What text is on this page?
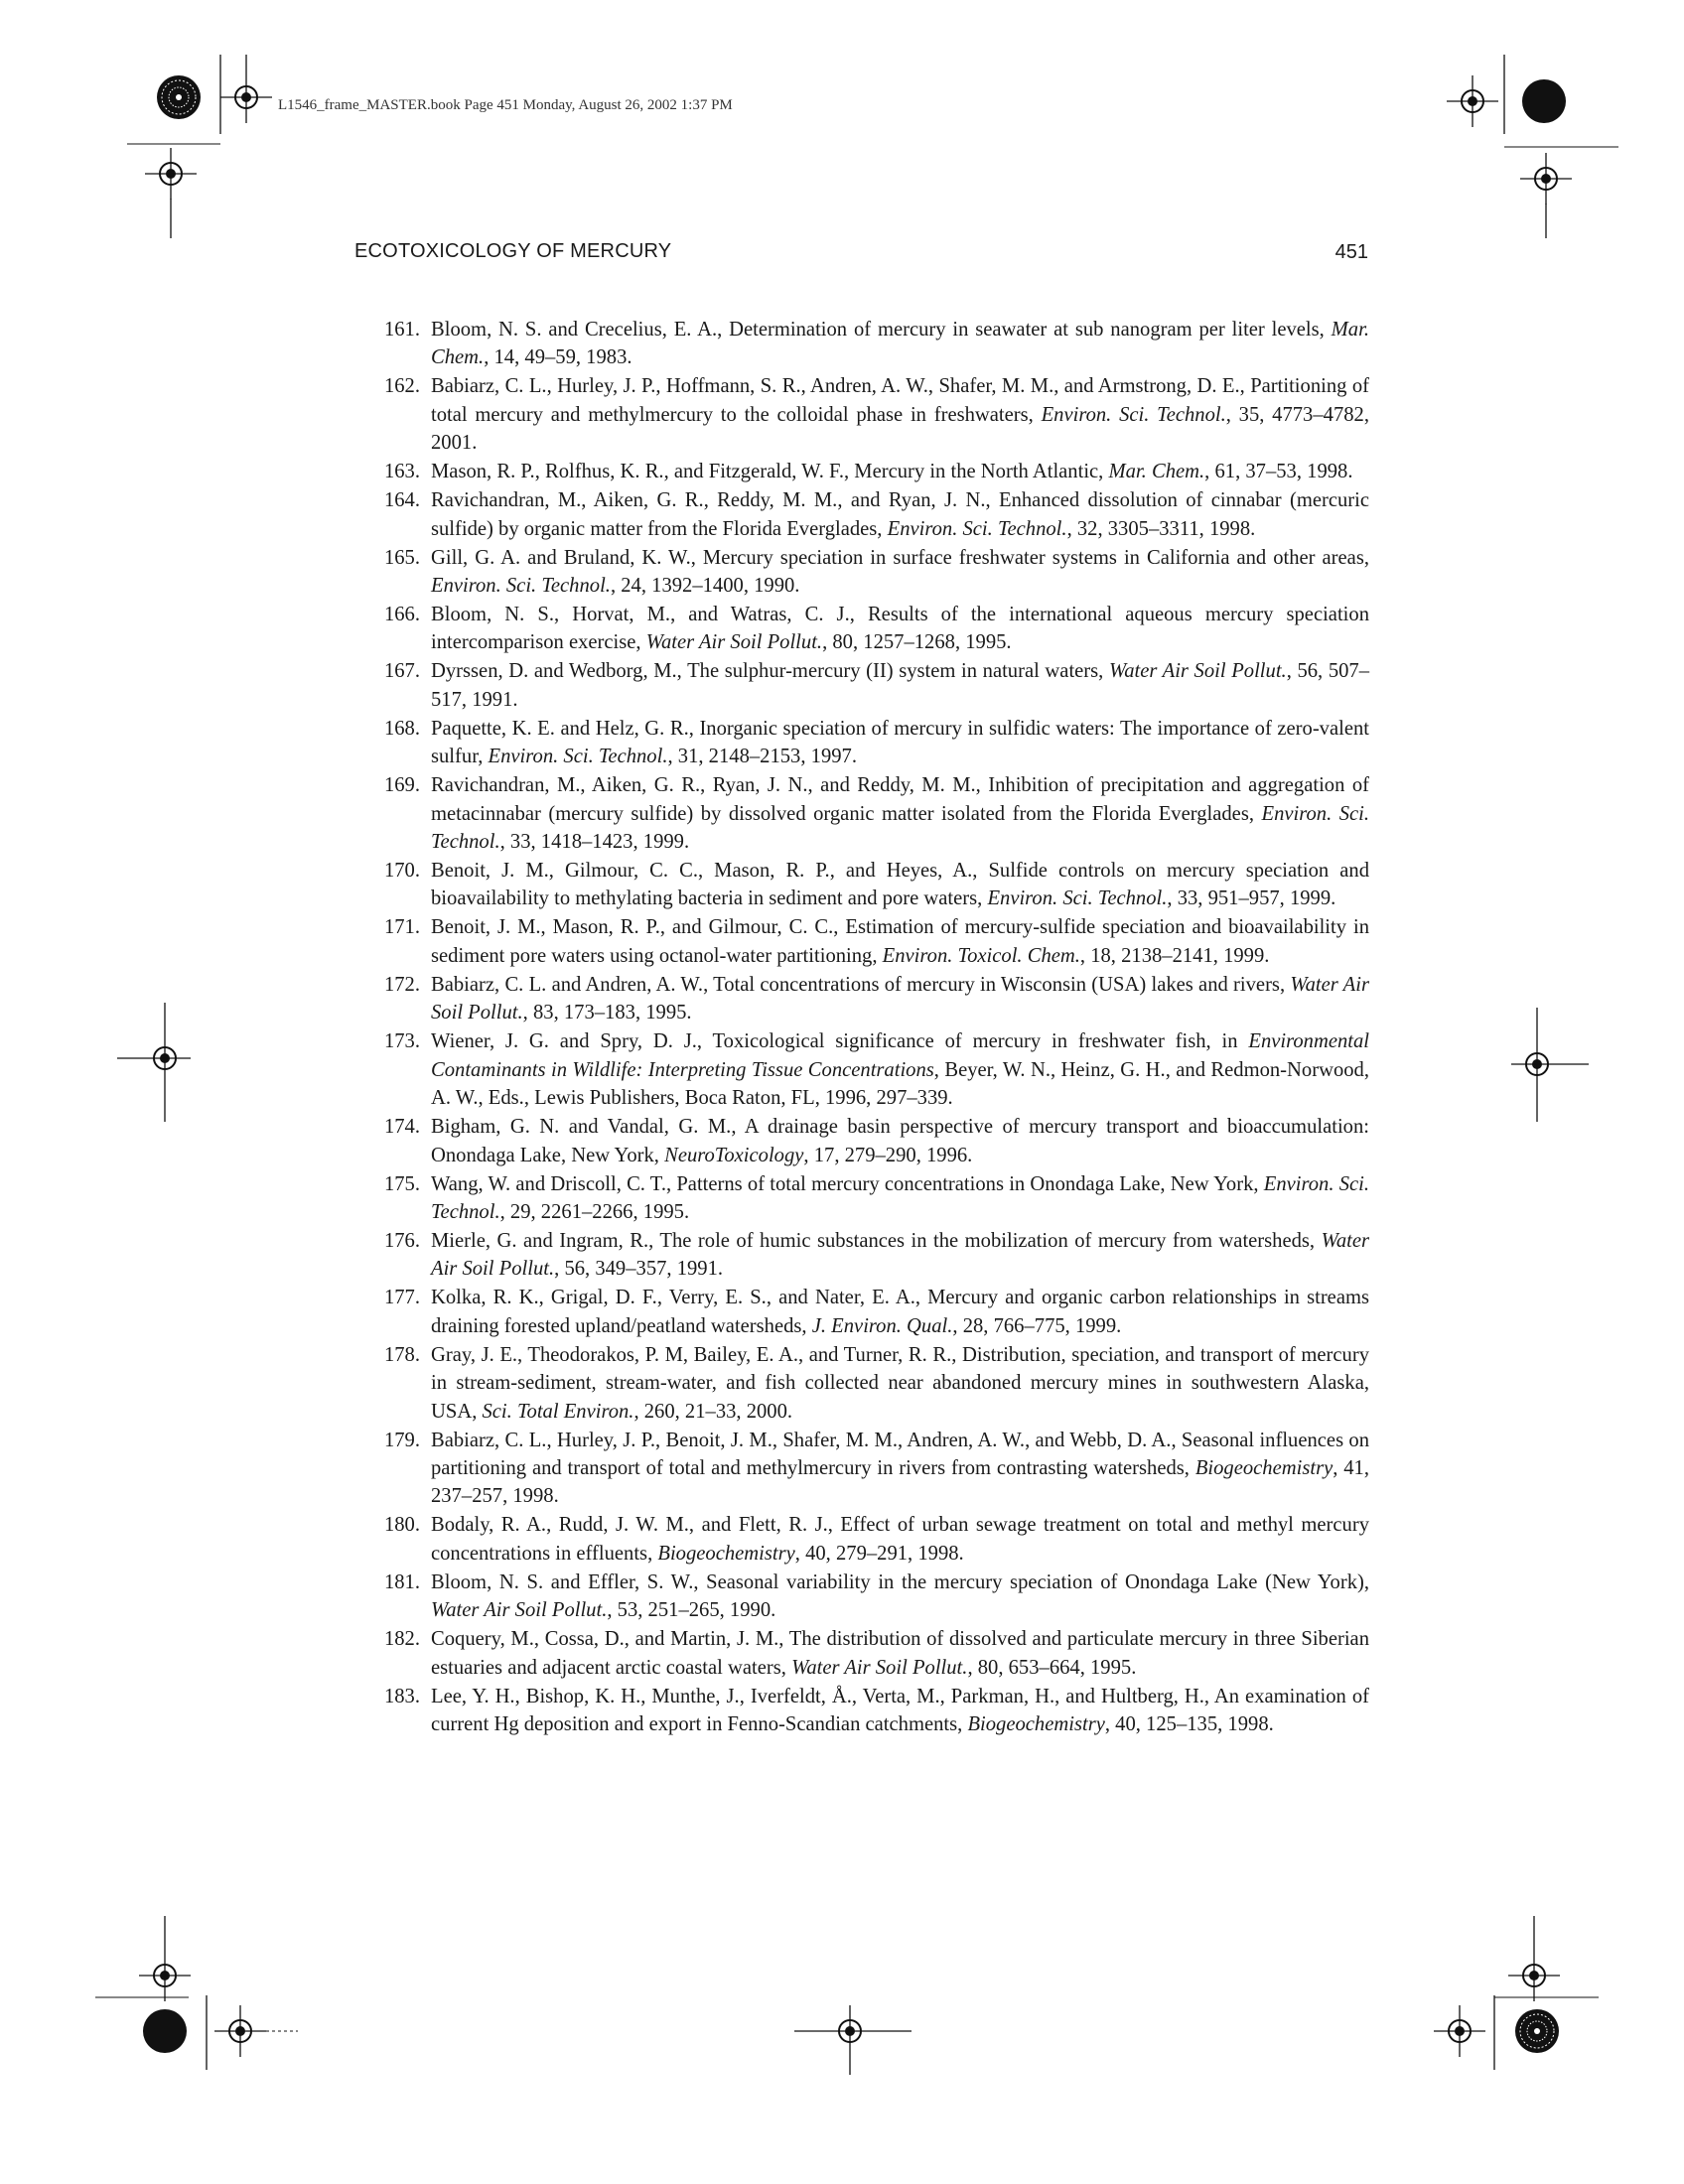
L1546_frame_MASTER.book Page 451 Monday, August 26, 2002 1:37 PM
ECOTOXICOLOGY OF MERCURY	451
161. Bloom, N. S. and Crecelius, E. A., Determination of mercury in seawater at sub nanogram per liter levels, Mar. Chem., 14, 49–59, 1983.
162. Babiarz, C. L., Hurley, J. P., Hoffmann, S. R., Andren, A. W., Shafer, M. M., and Armstrong, D. E., Partitioning of total mercury and methylmercury to the colloidal phase in freshwaters, Environ. Sci. Technol., 35, 4773–4782, 2001.
163. Mason, R. P., Rolfhus, K. R., and Fitzgerald, W. F., Mercury in the North Atlantic, Mar. Chem., 61, 37–53, 1998.
164. Ravichandran, M., Aiken, G. R., Reddy, M. M., and Ryan, J. N., Enhanced dissolution of cinnabar (mercuric sulfide) by organic matter from the Florida Everglades, Environ. Sci. Technol., 32, 3305–3311, 1998.
165. Gill, G. A. and Bruland, K. W., Mercury speciation in surface freshwater systems in California and other areas, Environ. Sci. Technol., 24, 1392–1400, 1990.
166. Bloom, N. S., Horvat, M., and Watras, C. J., Results of the international aqueous mercury speciation intercomparison exercise, Water Air Soil Pollut., 80, 1257–1268, 1995.
167. Dyrssen, D. and Wedborg, M., The sulphur-mercury (II) system in natural waters, Water Air Soil Pollut., 56, 507–517, 1991.
168. Paquette, K. E. and Helz, G. R., Inorganic speciation of mercury in sulfidic waters: The importance of zero-valent sulfur, Environ. Sci. Technol., 31, 2148–2153, 1997.
169. Ravichandran, M., Aiken, G. R., Ryan, J. N., and Reddy, M. M., Inhibition of precipitation and aggregation of metacinnabar (mercury sulfide) by dissolved organic matter isolated from the Florida Everglades, Environ. Sci. Technol., 33, 1418–1423, 1999.
170. Benoit, J. M., Gilmour, C. C., Mason, R. P., and Heyes, A., Sulfide controls on mercury speciation and bioavailability to methylating bacteria in sediment and pore waters, Environ. Sci. Technol., 33, 951–957, 1999.
171. Benoit, J. M., Mason, R. P., and Gilmour, C. C., Estimation of mercury-sulfide speciation and bioavailability in sediment pore waters using octanol-water partitioning, Environ. Toxicol. Chem., 18, 2138–2141, 1999.
172. Babiarz, C. L. and Andren, A. W., Total concentrations of mercury in Wisconsin (USA) lakes and rivers, Water Air Soil Pollut., 83, 173–183, 1995.
173. Wiener, J. G. and Spry, D. J., Toxicological significance of mercury in freshwater fish, in Environmental Contaminants in Wildlife: Interpreting Tissue Concentrations, Beyer, W. N., Heinz, G. H., and Redmon-Norwood, A. W., Eds., Lewis Publishers, Boca Raton, FL, 1996, 297–339.
174. Bigham, G. N. and Vandal, G. M., A drainage basin perspective of mercury transport and bioaccumulation: Onondaga Lake, New York, NeuroToxicology, 17, 279–290, 1996.
175. Wang, W. and Driscoll, C. T., Patterns of total mercury concentrations in Onondaga Lake, New York, Environ. Sci. Technol., 29, 2261–2266, 1995.
176. Mierle, G. and Ingram, R., The role of humic substances in the mobilization of mercury from watersheds, Water Air Soil Pollut., 56, 349–357, 1991.
177. Kolka, R. K., Grigal, D. F., Verry, E. S., and Nater, E. A., Mercury and organic carbon relationships in streams draining forested upland/peatland watersheds, J. Environ. Qual., 28, 766–775, 1999.
178. Gray, J. E., Theodorakos, P. M, Bailey, E. A., and Turner, R. R., Distribution, speciation, and transport of mercury in stream-sediment, stream-water, and fish collected near abandoned mercury mines in southwestern Alaska, USA, Sci. Total Environ., 260, 21–33, 2000.
179. Babiarz, C. L., Hurley, J. P., Benoit, J. M., Shafer, M. M., Andren, A. W., and Webb, D. A., Seasonal influences on partitioning and transport of total and methylmercury in rivers from contrasting watersheds, Biogeochemistry, 41, 237–257, 1998.
180. Bodaly, R. A., Rudd, J. W. M., and Flett, R. J., Effect of urban sewage treatment on total and methyl mercury concentrations in effluents, Biogeochemistry, 40, 279–291, 1998.
181. Bloom, N. S. and Effler, S. W., Seasonal variability in the mercury speciation of Onondaga Lake (New York), Water Air Soil Pollut., 53, 251–265, 1990.
182. Coquery, M., Cossa, D., and Martin, J. M., The distribution of dissolved and particulate mercury in three Siberian estuaries and adjacent arctic coastal waters, Water Air Soil Pollut., 80, 653–664, 1995.
183. Lee, Y. H., Bishop, K. H., Munthe, J., Iverfeldt, Å., Verta, M., Parkman, H., and Hultberg, H., An examination of current Hg deposition and export in Fenno-Scandian catchments, Biogeochemistry, 40, 125–135, 1998.
